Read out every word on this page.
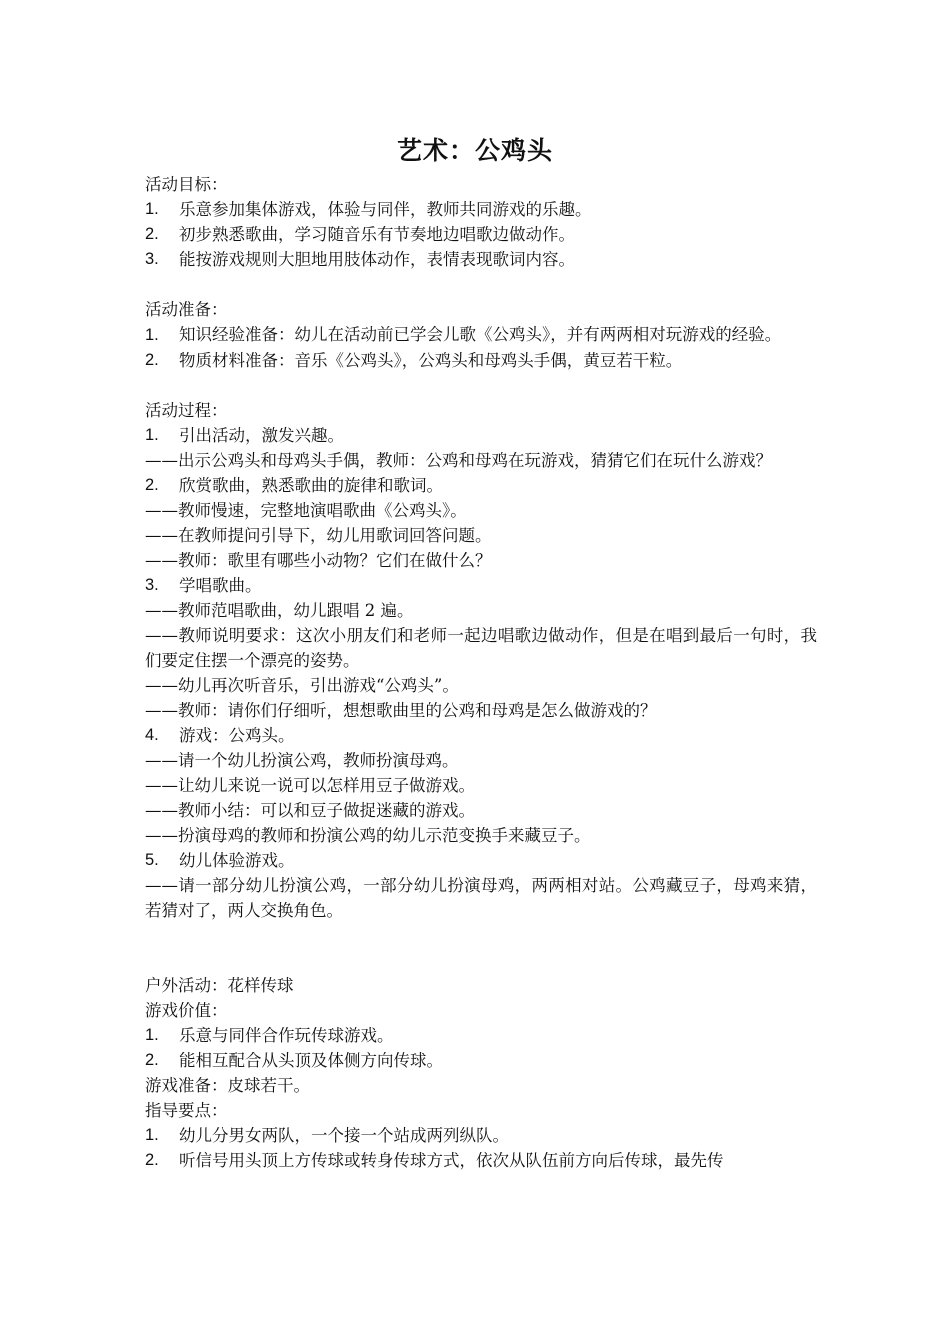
艺术：公鸡头

活动目标：

1.	乐意参加集体游戏，体验与同伴，教师共同游戏的乐趣。
2.	初步熟悉歌曲，学习随音乐有节奏地边唱歌边做动作。
3.	能按游戏规则大胆地用肢体动作，表情表现歌词内容。

活动准备：

1. 知识经验准备：幼儿在活动前已学会儿歌《公鸡头》，并有两两相对玩游戏的经验。

2.	物质材料准备：音乐《公鸡头》，公鸡头和母鸡头手偶，黄豆若干粒。

活动过程：

1.	引出活动，激发兴趣。

——出示公鸡头和母鸡头手偶，教师：公鸡和母鸡在玩游戏，猜猜它们在玩什么游戏？

2.	欣赏歌曲，熟悉歌曲的旋律和歌词。

——教师慢速，完整地演唱歌曲《公鸡头》。

——在教师提问引导下，幼儿用歌词回答问题。

——教师：歌里有哪些小动物？它们在做什么？

3.	学唱歌曲。

——教师范唱歌曲，幼儿跟唱 2 遍。

——教师说明要求：这次小朋友们和老师一起边唱歌边做动作，但是在唱到最后一句时，我们要定住摆一个漂亮的姿势。

——幼儿再次听音乐，引出游戏“公鸡头”。

——教师：请你们仔细听，想想歌曲里的公鸡和母鸡是怎么做游戏的？

4.	游戏：公鸡头。

——请一个幼儿扮演公鸡，教师扮演母鸡。

——让幼儿来说一说可以怎样用豆子做游戏。

——教师小结：可以和豆子做捉迷藏的游戏。

——扮演母鸡的教师和扮演公鸡的幼儿示范变换手来藏豆子。

5.	幼儿体验游戏。

——请一部分幼儿扮演公鸡，一部分幼儿扮演母鸡，两两相对站。公鸡藏豆子，母鸡来猜，若猜对了，两人交换角色。

户外活动：花样传球

游戏价值：

1.	乐意与同伴合作玩传球游戏。
2.	能相互配合从头顶及体侧方向传球。

游戏准备：皮球若干。

指导要点：

1.	幼儿分男女两队，一个接一个站成两列纵队。
2.	听信号用头顶上方传球或转身传球方式，依次从队伍前方向后传球，最先传
